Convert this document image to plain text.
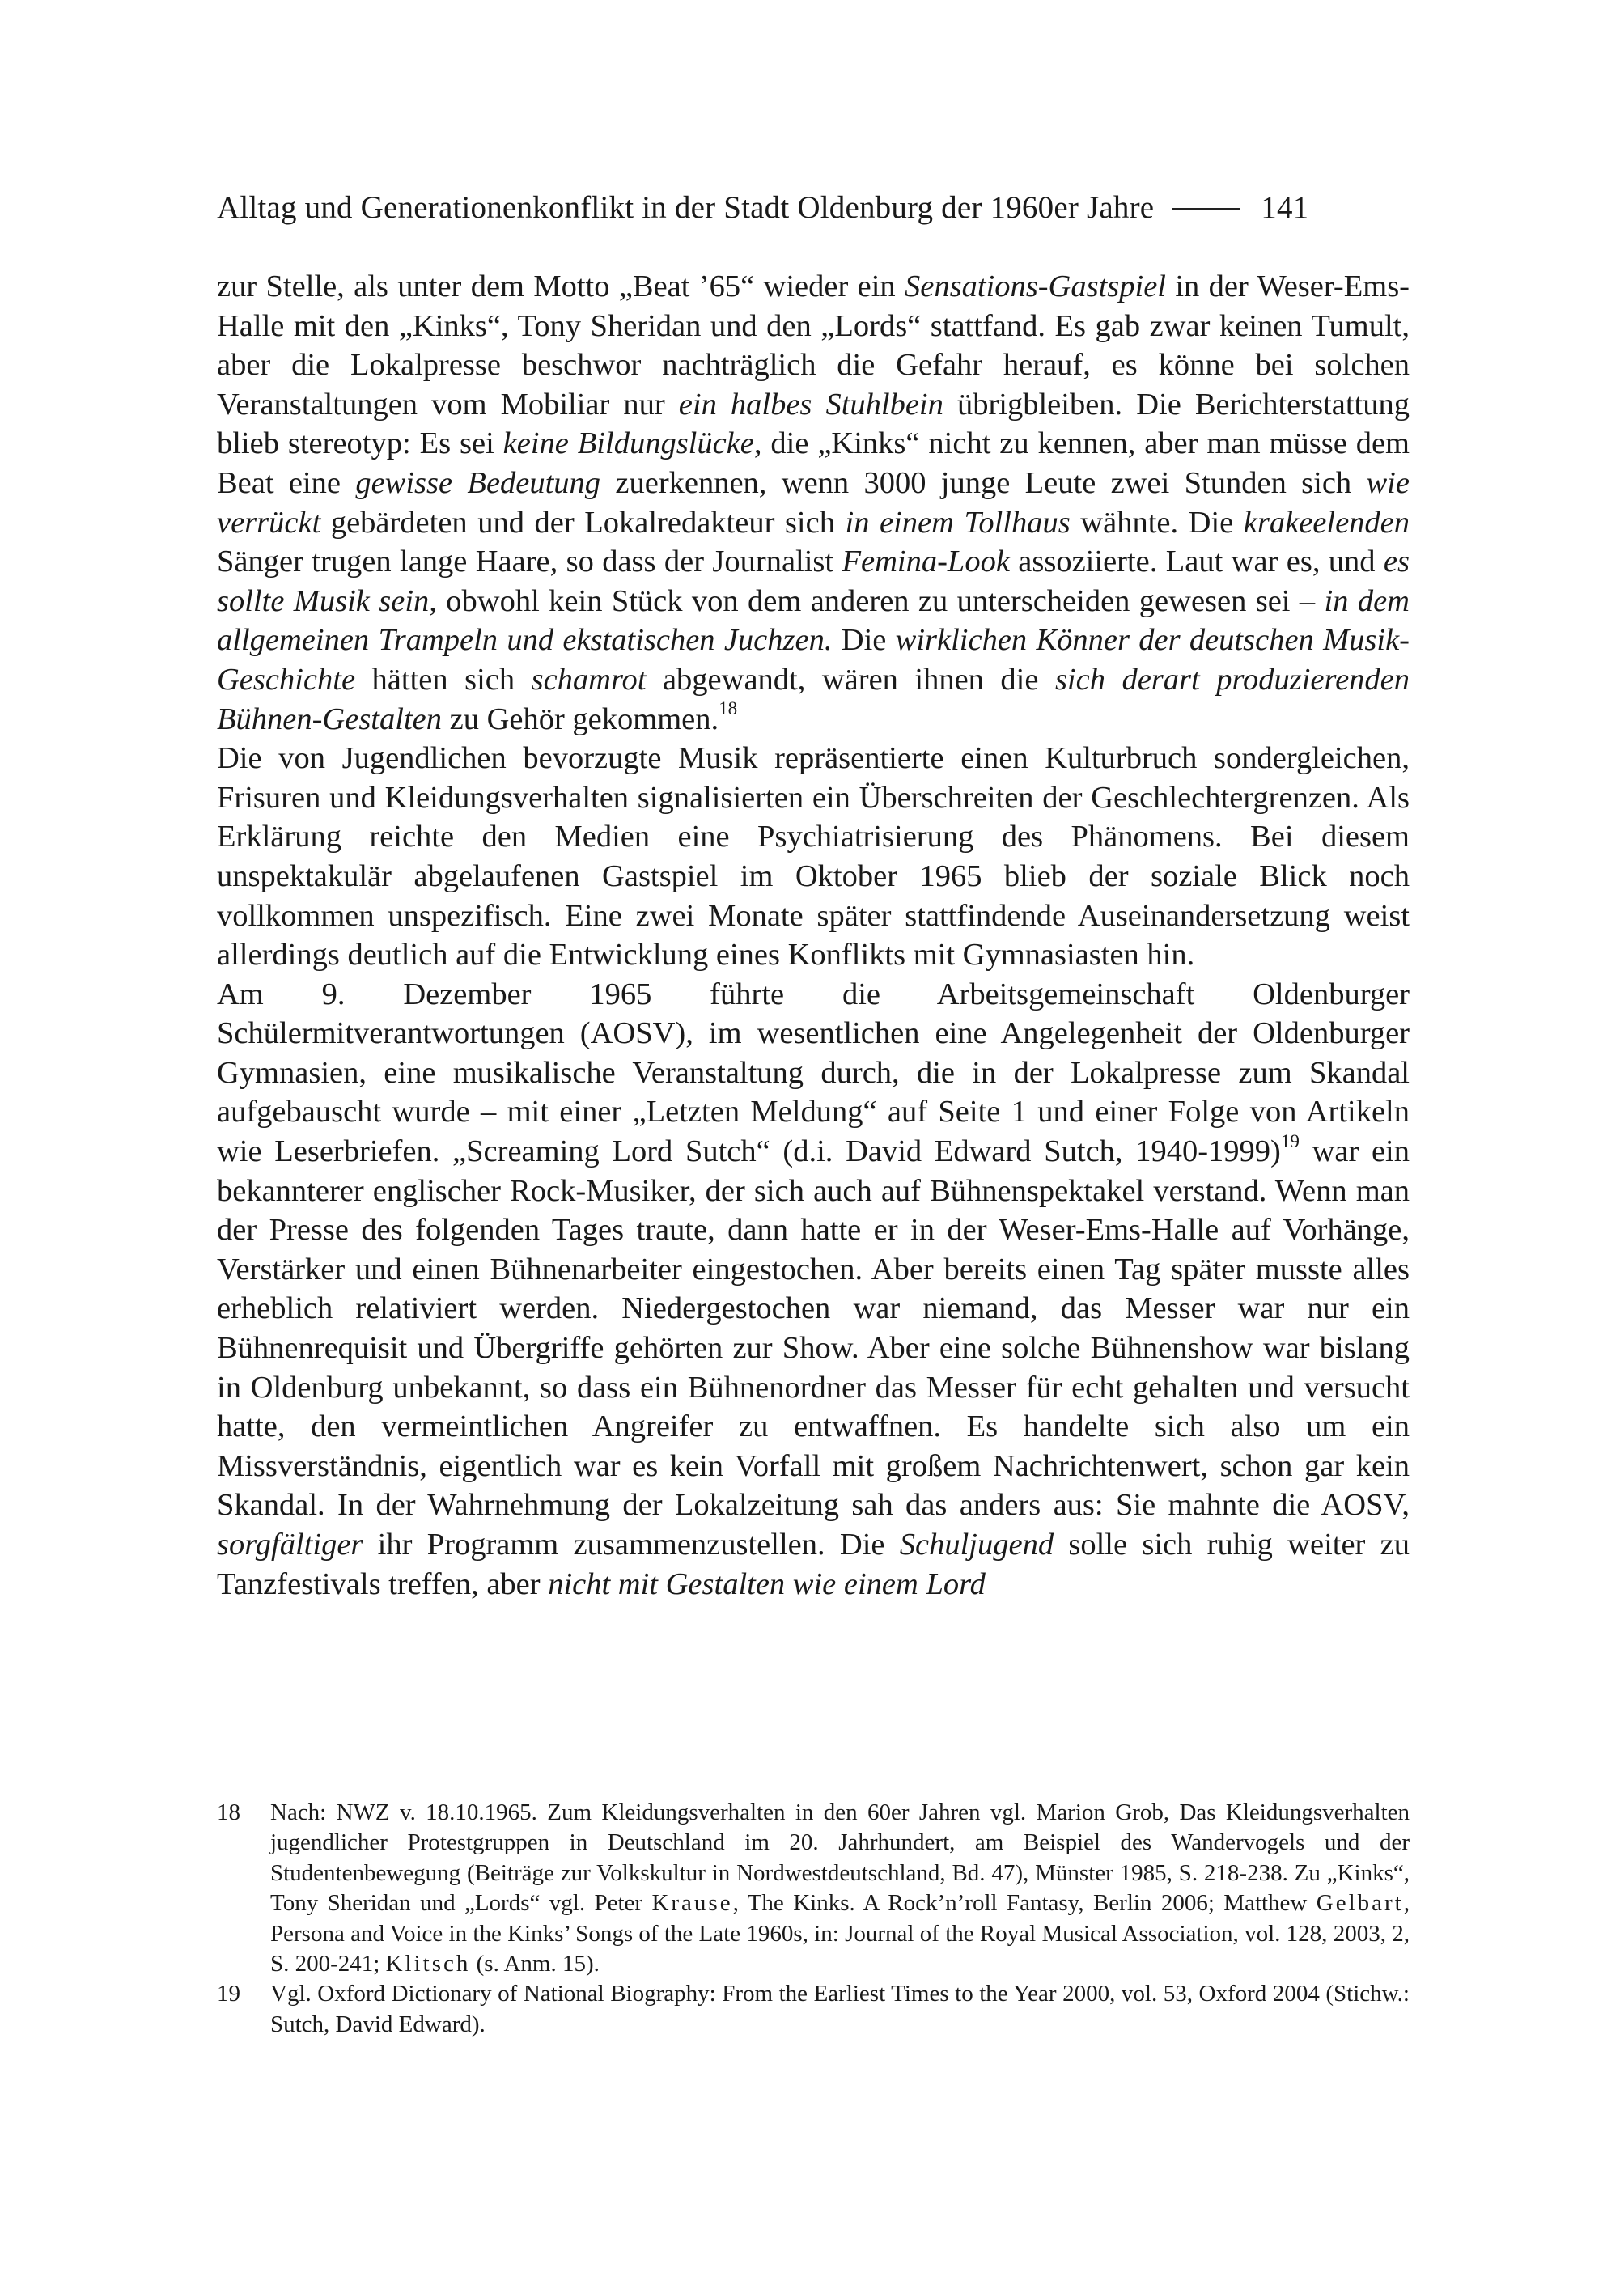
Alltag und Generationenkonflikt in der Stadt Oldenburg der 1960er Jahre	141

zur Stelle, als unter dem Motto „Beat ’65“ wieder ein Sensations-Gastspiel in der Weser-Ems-Halle mit den „Kinks“, Tony Sheridan und den „Lords“ stattfand. Es gab zwar keinen Tumult, aber die Lokalpresse beschwor nachträglich die Gefahr herauf, es könne bei solchen Veranstaltungen vom Mobiliar nur ein halbes Stuhlbein übrigbleiben. Die Berichterstattung blieb stereotyp: Es sei keine Bildungslücke, die „Kinks“ nicht zu kennen, aber man müsse dem Beat eine gewisse Bedeutung zuerkennen, wenn 3000 junge Leute zwei Stunden sich wie verrückt gebärdeten und der Lokalredakteur sich in einem Tollhaus wähnte. Die krakeelenden Sänger trugen lange Haare, so dass der Journalist Femina-Look assoziierte. Laut war es, und es sollte Musik sein, obwohl kein Stück von dem anderen zu unterscheiden gewesen sei – in dem allgemeinen Trampeln und ekstatischen Juchzen. Die wirklichen Könner der deutschen Musik-Geschichte hätten sich schamrot abgewandt, wären ihnen die sich derart produzierenden Bühnen-Gestalten zu Gehör gekommen.$^{18}$

Die von Jugendlichen bevorzugte Musik repräsentierte einen Kulturbruch sondergleichen, Frisuren und Kleidungsverhalten signalisierten ein Überschreiten der Geschlechtergrenzen. Als Erklärung reichte den Medien eine Psychiatrisierung des Phänomens. Bei diesem unspektakulär abgelaufenen Gastspiel im Oktober 1965 blieb der soziale Blick noch vollkommen unspezifisch. Eine zwei Monate später stattfindende Auseinandersetzung weist allerdings deutlich auf die Entwicklung eines Konflikts mit Gymnasiasten hin.

Am 9. Dezember 1965 führte die Arbeitsgemeinschaft Oldenburger Schülermitverantwortungen (AOSV), im wesentlichen eine Angelegenheit der Oldenburger Gymnasien, eine musikalische Veranstaltung durch, die in der Lokalpresse zum Skandal aufgebauscht wurde – mit einer „Letzten Meldung“ auf Seite 1 und einer Folge von Artikeln wie Leserbriefen. „Screaming Lord Sutch“ (d.i. David Edward Sutch, 1940-1999)$^{19}$ war ein bekannterer englischer Rock-Musiker, der sich auch auf Bühnenspektakel verstand. Wenn man der Presse des folgenden Tages traute, dann hatte er in der Weser-Ems-Halle auf Vorhänge, Verstärker und einen Bühnenarbeiter eingestochen. Aber bereits einen Tag später musste alles erheblich relativiert werden. Niedergestochen war niemand, das Messer war nur ein Bühnenrequisit und Übergriffe gehörten zur Show. Aber eine solche Bühnenshow war bislang in Oldenburg unbekannt, so dass ein Bühnenordner das Messer für echt gehalten und versucht hatte, den vermeintlichen Angreifer zu entwaffnen. Es handelte sich also um ein Missverständnis, eigentlich war es kein Vorfall mit großem Nachrichtenwert, schon gar kein Skandal. In der Wahrnehmung der Lokalzeitung sah das anders aus: Sie mahnte die AOSV, sorgfältiger ihr Programm zusammenzustellen. Die Schuljugend solle sich ruhig weiter zu Tanzfestivals treffen, aber nicht mit Gestalten wie einem Lord

18	Nach: NWZ v. 18.10.1965. Zum Kleidungsverhalten in den 60er Jahren vgl. Marion Grob, Das Kleidungsverhalten jugendlicher Protestgruppen in Deutschland im 20. Jahrhundert, am Beispiel des Wandervogels und der Studentenbewegung (Beiträge zur Volkskultur in Nordwestdeutschland, Bd. 47), Münster 1985, S. 218-238. Zu „Kinks“, Tony Sheridan und „Lords“ vgl. Peter Krause, The Kinks. A Rock’n’roll Fantasy, Berlin 2006; Matthew Gelbart, Persona and Voice in the Kinks’ Songs of the Late 1960s, in: Journal of the Royal Musical Association, vol. 128, 2003, 2, S. 200-241; Klitsch (s. Anm. 15).
19	Vgl. Oxford Dictionary of National Biography: From the Earliest Times to the Year 2000, vol. 53, Oxford 2004 (Stichw.: Sutch, David Edward).
